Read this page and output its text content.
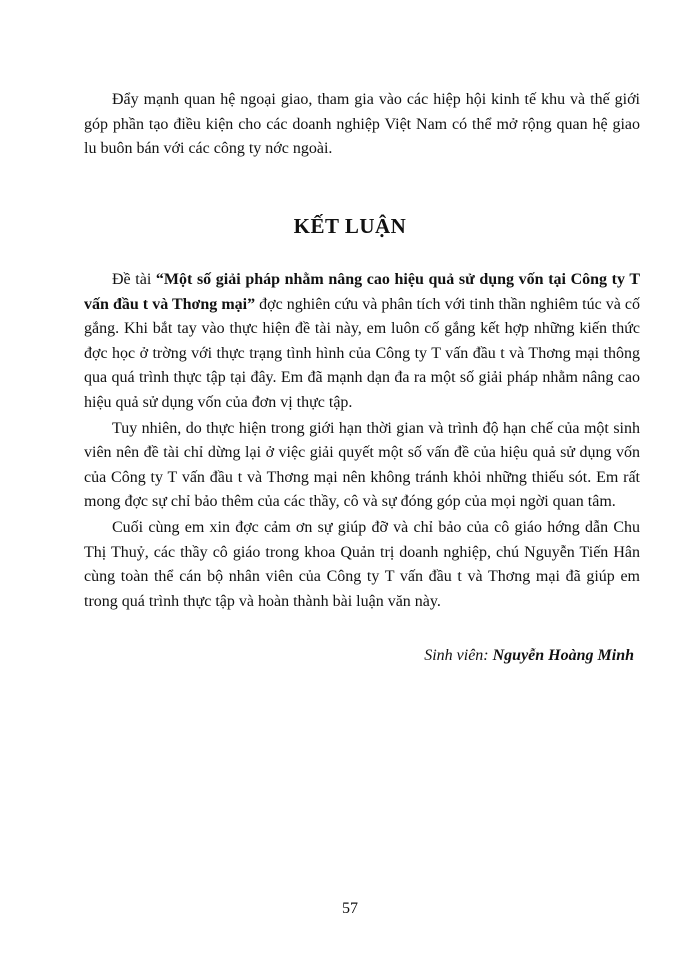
Đẩy mạnh quan hệ ngoại giao, tham gia vào các hiệp hội kinh tế khu và thế giới góp phần tạo điều kiện cho các doanh nghiệp Việt Nam có thể mở rộng quan hệ giao lu buôn bán với các công ty nớc ngoài.

KẾT LUẬN

Đề tài “Một số giải pháp nhằm nâng cao hiệu quả sử dụng vốn tại Công ty T vấn đầu t và Thơng mại” đợc nghiên cứu và phân tích với tinh thần nghiêm túc và cố gắng. Khi bắt tay vào thực hiện đề tài này, em luôn cố gắng kết hợp những kiến thức đợc học ở trờng với thực trạng tình hình của Công ty T vấn đầu t và Thơng mại thông qua quá trình thực tập tại đây. Em đã mạnh dạn đa ra một số giải pháp nhằm nâng cao hiệu quả sử dụng vốn của đơn vị thực tập.

Tuy nhiên, do thực hiện trong giới hạn thời gian và trình độ hạn chế của một sinh viên nên đề tài chỉ dừng lại ở việc giải quyết một số vấn đề của hiệu quả sử dụng vốn của Công ty T vấn đầu t và Thơng mại nên không tránh khỏi những thiếu sót. Em rất mong đợc sự chỉ bảo thêm của các thầy, cô và sự đóng góp của mọi ngời quan tâm.

Cuối cùng em xin đợc cảm ơn sự giúp đỡ và chỉ bảo của cô giáo hớng dẫn Chu Thị Thuỷ, các thầy cô giáo trong khoa Quản trị doanh nghiệp, chú Nguyễn Tiến Hân cùng toàn thể cán bộ nhân viên của Công ty T vấn đầu t và Thơng mại đã giúp em trong quá trình thực tập và hoàn thành bài luận văn này.

Sinh viên: Nguyễn Hoàng Minh
57
